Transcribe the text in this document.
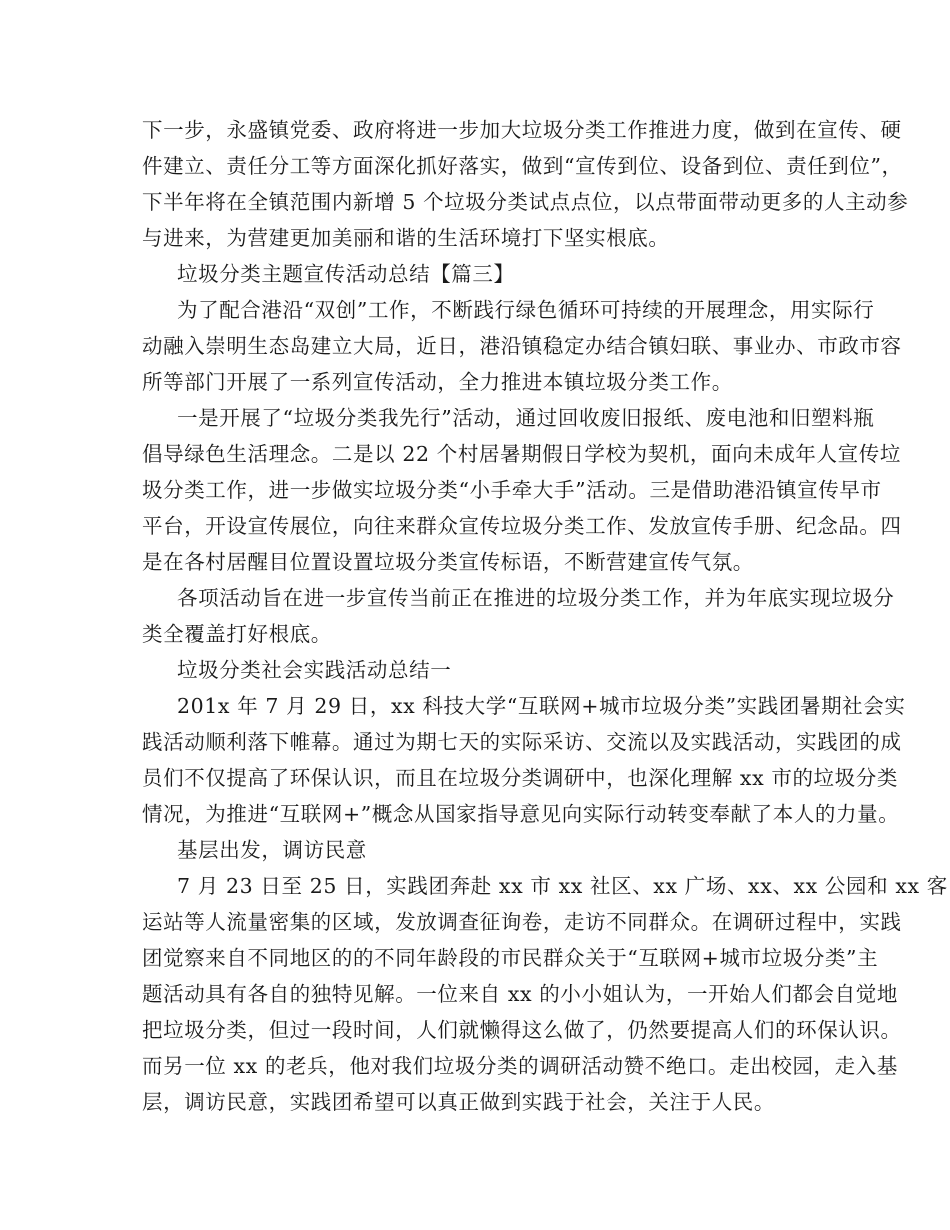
下一步，永盛镇党委、政府将进一步加大垃圾分类工作推进力度，做到在宣传、硬
件建立、责任分工等方面深化抓好落实，做到“宣传到位、设备到位、责任到位”，
下半年将在全镇范围内新增 5 个垃圾分类试点点位，以点带面带动更多的人主动参
与进来，为营建更加美丽和谐的生活环境打下坚实根底。
垃圾分类主题宣传活动总结【篇三】
为了配合港沿“双创”工作，不断践行绿色循环可持续的开展理念，用实际行
动融入崇明生态岛建立大局，近日，港沿镇稳定办结合镇妇联、事业办、市政市容
所等部门开展了一系列宣传活动，全力推进本镇垃圾分类工作。
一是开展了“垃圾分类我先行”活动，通过回收废旧报纸、废电池和旧塑料瓶
倡导绿色生活理念。二是以 22 个村居暑期假日学校为契机，面向未成年人宣传垃
圾分类工作，进一步做实垃圾分类“小手牵大手”活动。三是借助港沿镇宣传早市
平台，开设宣传展位，向往来群众宣传垃圾分类工作、发放宣传手册、纪念品。四
是在各村居醒目位置设置垃圾分类宣传标语，不断营建宣传气氛。
各项活动旨在进一步宣传当前正在推进的垃圾分类工作，并为年底实现垃圾分
类全覆盖打好根底。
垃圾分类社会实践活动总结一
201x 年 7 月 29 日，xx 科技大学“互联网+城市垃圾分类”实践团暑期社会实
践活动顺利落下帷幕。通过为期七天的实际采访、交流以及实践活动，实践团的成
员们不仅提高了环保认识，而且在垃圾分类调研中，也深化理解 xx 市的垃圾分类
情况，为推进“互联网+”概念从国家指导意见向实际行动转变奉献了本人的力量。
基层出发，调访民意
7 月 23 日至 25 日，实践团奔赴 xx 市 xx 社区、xx 广场、xx、xx 公园和 xx 客
运站等人流量密集的区域，发放调查征询卷，走访不同群众。在调研过程中，实践
团觉察来自不同地区的的不同年龄段的市民群众关于“互联网+城市垃圾分类”主
题活动具有各自的独特见解。一位来自 xx 的小小姐认为，一开始人们都会自觉地
把垃圾分类，但过一段时间，人们就懒得这么做了，仍然要提高人们的环保认识。
而另一位 xx 的老兵，他对我们垃圾分类的调研活动赞不绝口。走出校园，走入基
层，调访民意，实践团希望可以真正做到实践于社会，关注于人民。
